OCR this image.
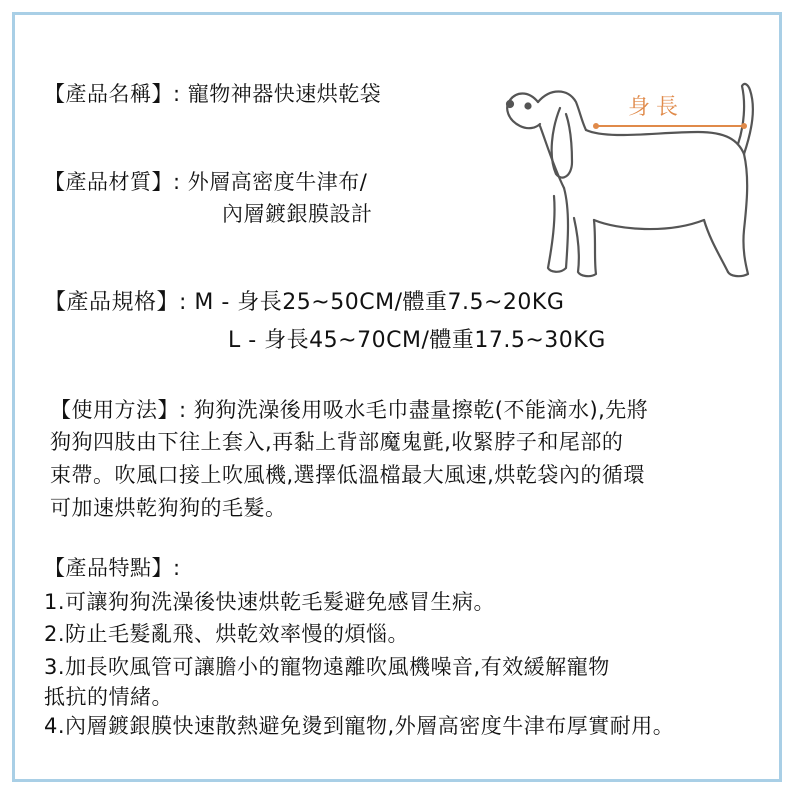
身長
【產品名稱】: 寵物神器快速烘乾袋
【產品材質】: 外層高密度牛津布/
內層鍍銀膜設計
【產品規格】: M - 身長25~50CM/體重7.5~20KG
L - 身長45~70CM/體重17.5~30KG
【使用方法】: 狗狗洗澡後用吸水毛巾盡量擦乾(不能滴水),先將
狗狗四肢由下往上套入,再黏上背部魔鬼氈,收緊脖子和尾部的
束帶。吹風口接上吹風機,選擇低溫檔最大風速,烘乾袋內的循環
可加速烘乾狗狗的毛髮。
【產品特點】:
1.可讓狗狗洗澡後快速烘乾毛髮避免感冒生病。
2.防止毛髮亂飛、烘乾效率慢的煩惱。
3.加長吹風管可讓膽小的寵物遠離吹風機噪音,有效緩解寵物
抵抗的情緒。
4.內層鍍銀膜快速散熱避免燙到寵物,外層高密度牛津布厚實耐用。
